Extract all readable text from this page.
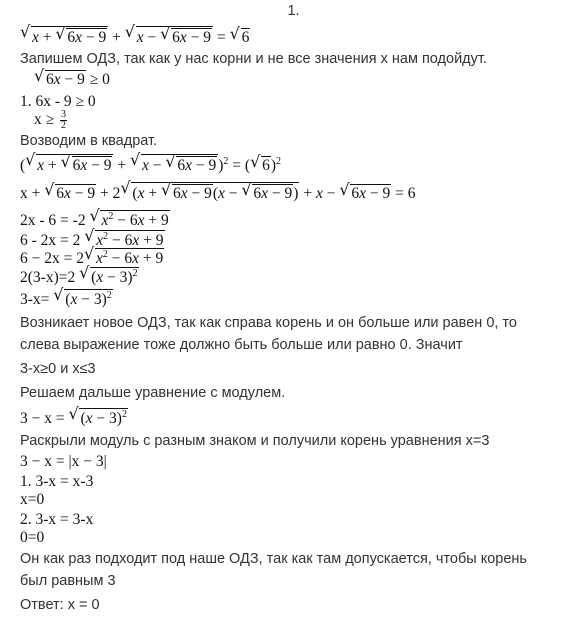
1.
√ x + √ 6x − 9 + √ x − √ 6x − 9 = √ 6
Запишем ОДЗ, так как у нас корни и не все значения х нам подойдут.
√ 6x − 9 ≥ 0
1. 6x - 9 ≥ 0
$x \ge \frac{3}{2}$
Возводим в квадрат.
( √ x + √ 6x − 9 + √ x − √ 6x − 9 )$^2$ = ( √ 6)$^2$
x + √ 6x − 9 + 2 √ (x + √ 6x − 9(x − √ 6x − 9) + x − √ 6x − 9 = 6
2x - 6 = -2 √ $x^2 - 6x + 9$
6 - 2x = 2 √ $x^2 - 6x + 9$
6 − 2x = 2 √ $x^2 - 6x + 9$
2(3-x)=2 √ $(x - 3)^2$
3-x= √ $(x - 3)^2$
Возникает новое ОДЗ, так как справа корень и он больше или равен 0, то
слева выражение тоже должно быть больше или равно 0. Значит
3-x≥0 и x≤3
Решаем дальше уравнение с модулем.
3 − x = √ $(x - 3)^2$
Раскрыли модуль с разным знаком и получили корень уравнения х=3
3 − x = |x − 3|
1. 3-x = x-3
x=0
2. 3-x = 3-x
0=0
Он как раз подходит под наше ОДЗ, так как там допускается, чтобы корень
был равным 3
Ответ: х = 0
